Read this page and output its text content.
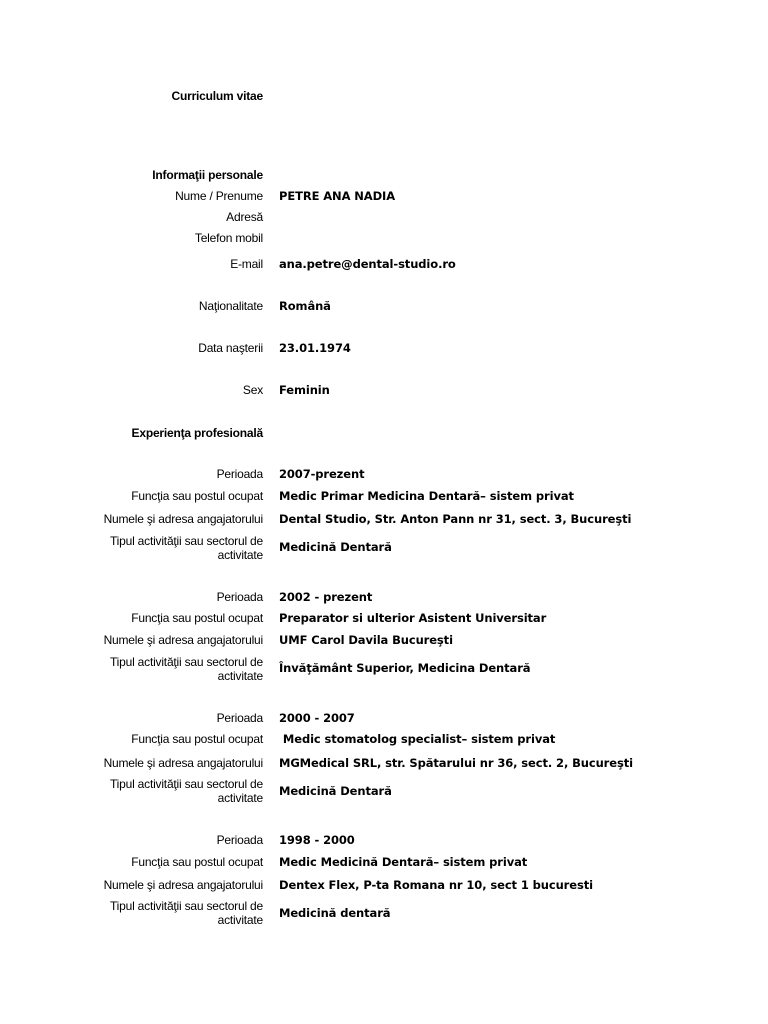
Curriculum vitae
Informaţii personale
Nume / Prenume PETRE ANA NADIA
Adresă
Telefon mobil
E-mail ana.petre@dental-studio.ro
Naţionalitate Română
Data naşterii 23.01.1974
Sex Feminin
Experienţa profesională
Perioada 2007-prezent
Funcţia sau postul ocupat Medic Primar Medicina Dentară– sistem privat
Numele şi adresa angajatorului Dental Studio, Str. Anton Pann nr 31, sect. 3, Bucureşti
Tipul activităţii sau sectorul de
activitate
Medicină Dentară
Perioada 2002 - prezent
Funcţia sau postul ocupat Preparator si ulterior Asistent Universitar
Numele şi adresa angajatorului UMF Carol Davila Bucureşti
Tipul activităţii sau sectorul de
activitate
Învăţământ Superior, Medicina Dentară
Perioada 2000 - 2007
Funcţia sau postul ocupat Medic stomatolog specialist– sistem privat
Numele şi adresa angajatorului MGMedical SRL, str. Spătarului nr 36, sect. 2, Bucureşti
Tipul activităţii sau sectorul de
activitate Medicină Dentară
Perioada 1998 - 2000
Funcţia sau postul ocupat Medic Medicină Dentară– sistem privat
Numele şi adresa angajatorului Dentex Flex, P-ta Romana nr 10, sect 1 bucuresti
Tipul activităţii sau sectorul de
activitate Medicină dentară
